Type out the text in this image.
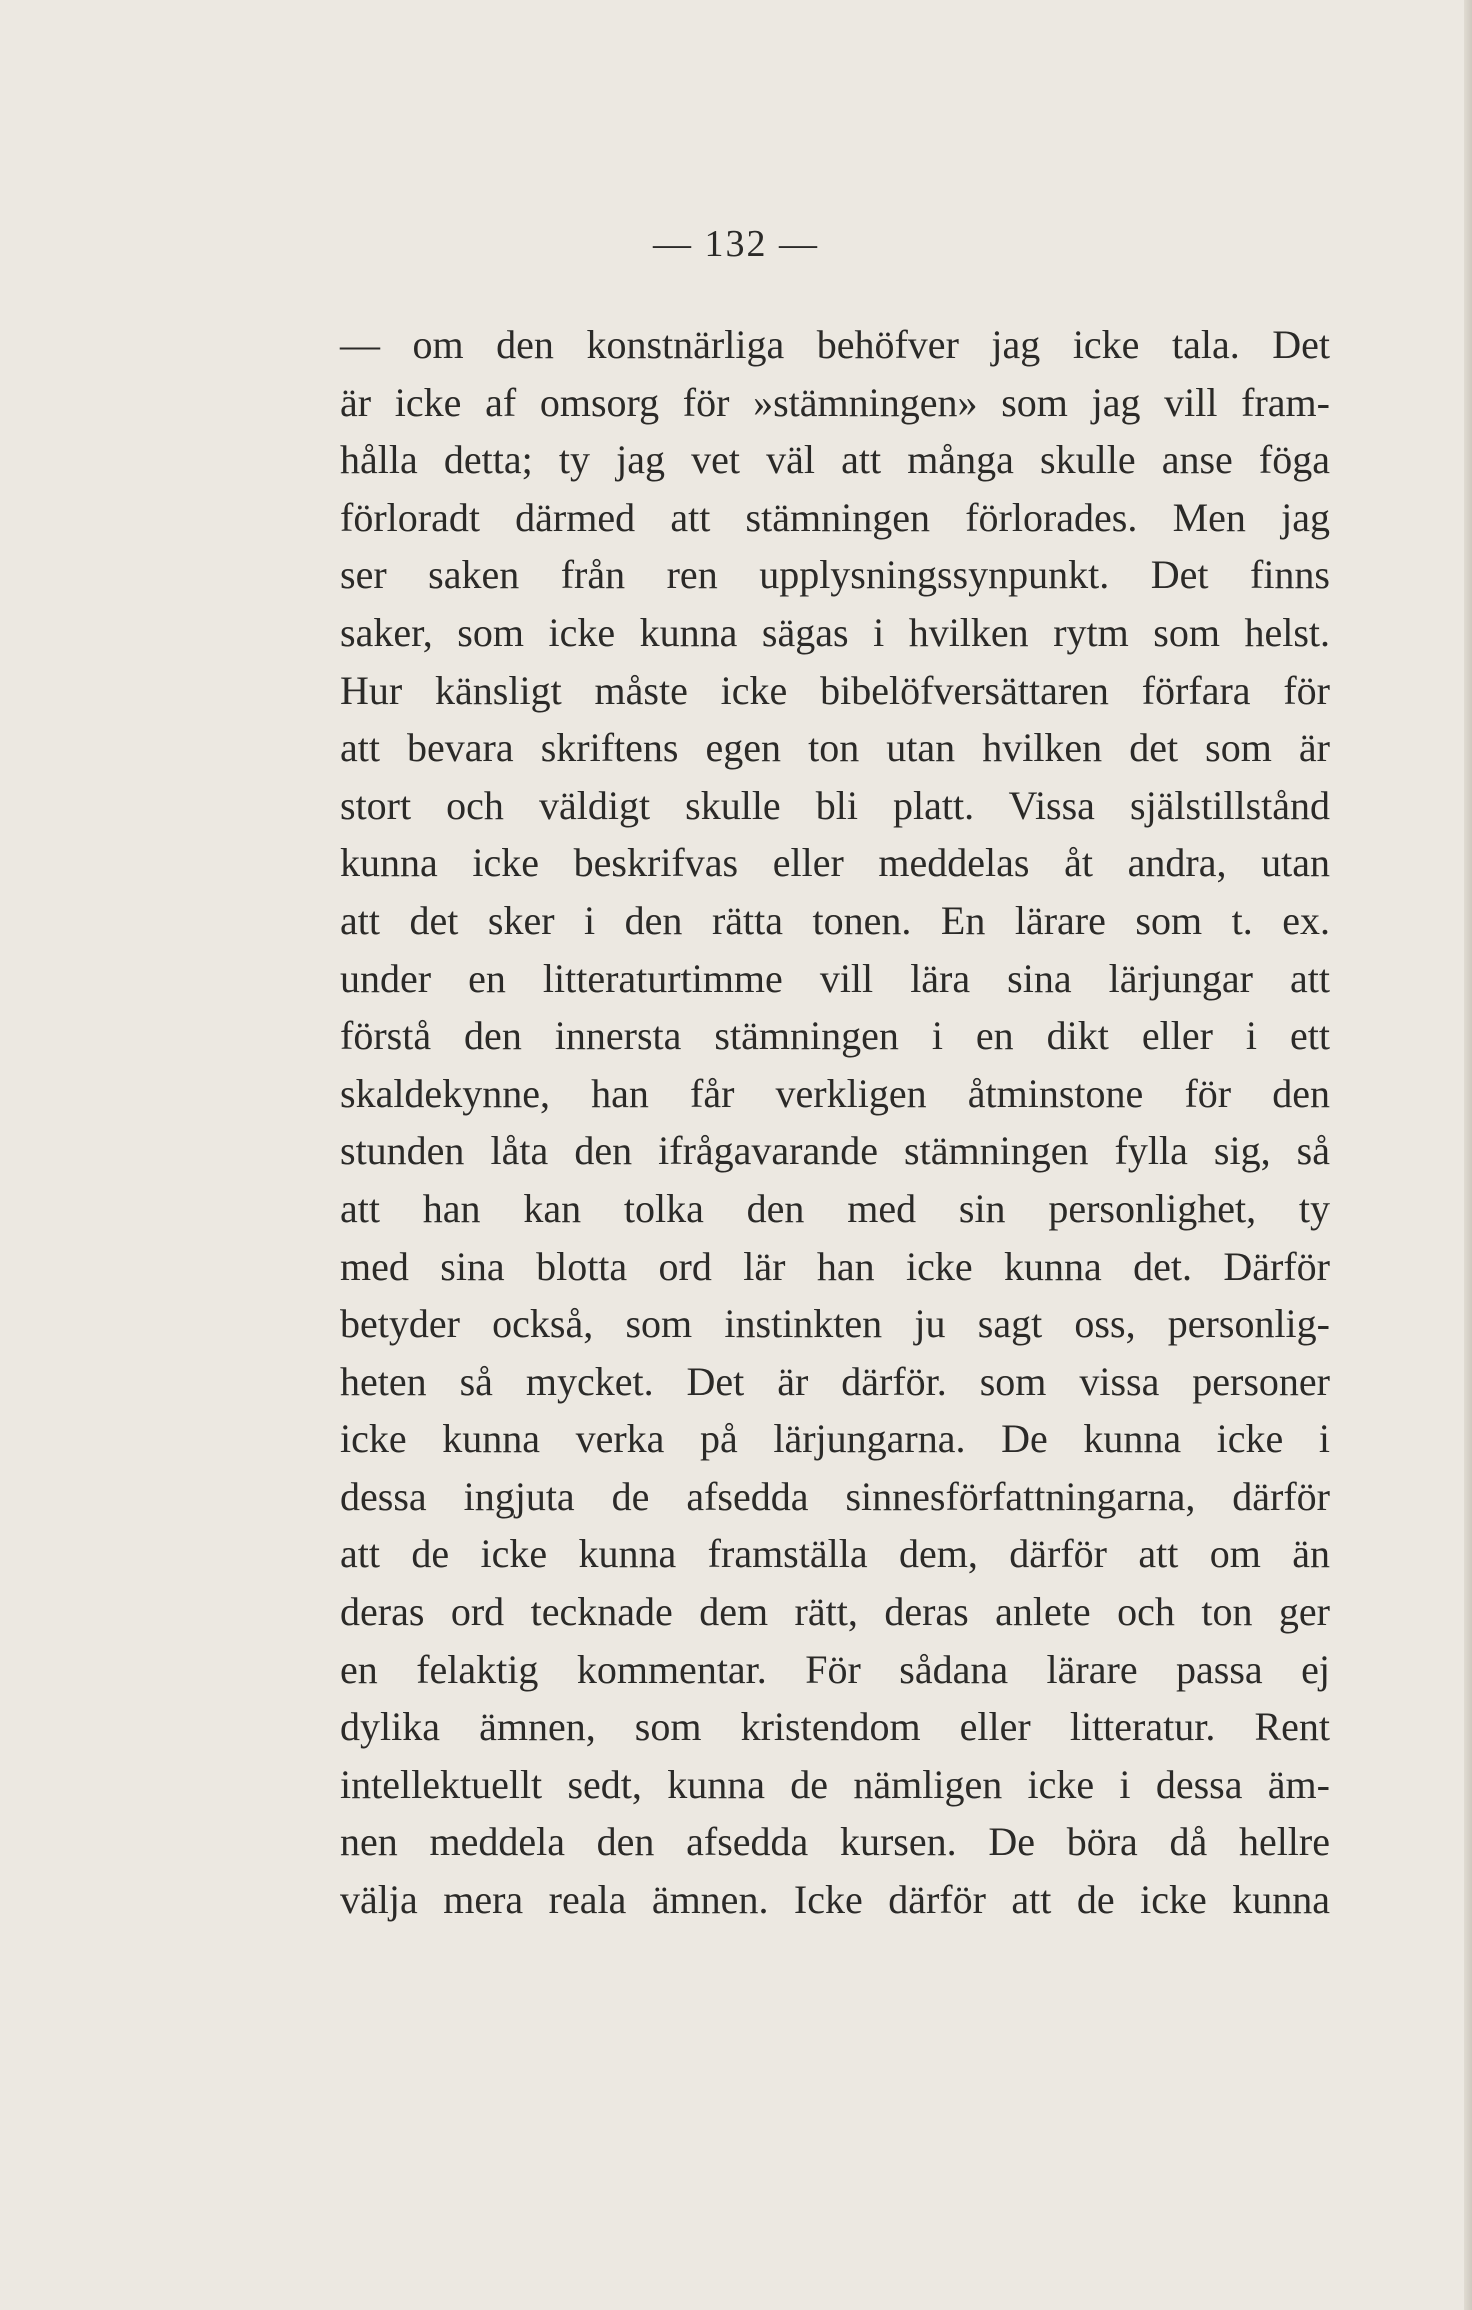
— 132 —
— om den konstnärliga behöfver jag icke tala. Det
är icke af omsorg för »stämningen» som jag vill fram-
hålla detta; ty jag vet väl att många skulle anse föga
förloradt därmed att stämningen förlorades. Men jag
ser saken från ren upplysningssynpunkt. Det finns
saker, som icke kunna sägas i hvilken rytm som helst.
Hur känsligt måste icke bibelöfversättaren förfara för
att bevara skriftens egen ton utan hvilken det som är
stort och väldigt skulle bli platt. Vissa själstillstånd
kunna icke beskrifvas eller meddelas åt andra, utan
att det sker i den rätta tonen. En lärare som t. ex.
under en litteraturtimme vill lära sina lärjungar att
förstå den innersta stämningen i en dikt eller i ett
skaldekynne, han får verkligen åtminstone för den
stunden låta den ifrågavarande stämningen fylla sig, så
att han kan tolka den med sin personlighet, ty
med sina blotta ord lär han icke kunna det. Därför
betyder också, som instinkten ju sagt oss, personlig-
heten så mycket. Det är därför. som vissa personer
icke kunna verka på lärjungarna. De kunna icke i
dessa ingjuta de afsedda sinnesförfattningarna, därför
att de icke kunna framställa dem, därför att om än
deras ord tecknade dem rätt, deras anlete och ton ger
en felaktig kommentar. För sådana lärare passa ej
dylika ämnen, som kristendom eller litteratur. Rent
intellektuellt sedt, kunna de nämligen icke i dessa äm-
nen meddela den afsedda kursen. De böra då hellre
välja mera reala ämnen. Icke därför att de icke kunna
